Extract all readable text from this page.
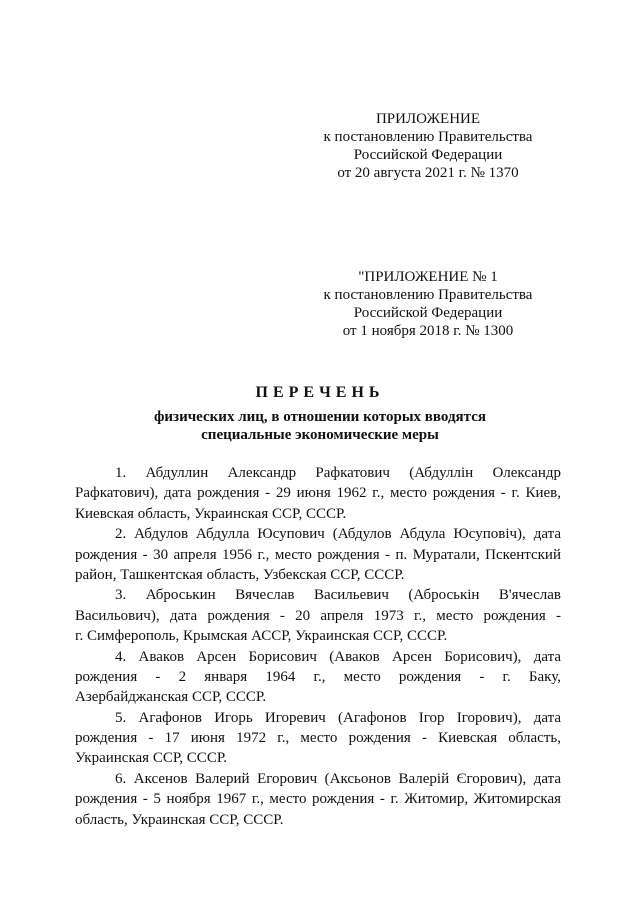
ПРИЛОЖЕНИЕ
к постановлению Правительства
Российской Федерации
от 20 августа 2021 г. № 1370
"ПРИЛОЖЕНИЕ № 1
к постановлению Правительства
Российской Федерации
от 1 ноября 2018 г. № 1300
ПЕРЕЧЕНЬ
физических лиц, в отношении которых вводятся
специальные экономические меры
1. Абдуллин Александр Рафкатович (Абдуллін Олександр
Рафкатович), дата рождения - 29 июня 1962 г., место рождения - г. Киев,
Киевская область, Украинская ССР, СССР.
2. Абдулов Абдулла Юсупович (Абдулов Абдула Юсуповiч), дата
рождения - 30 апреля 1956 г., место рождения - п. Муратали, Пскентский
район, Ташкентская область, Узбекская ССР, СССР.
3. Аброськин Вячеслав Васильевич (Аброськін В'ячеслав
Васильович), дата рождения - 20 апреля 1973 г., место рождения -
г. Симферополь, Крымская АССР, Украинская ССР, СССР.
4. Аваков Арсен Борисович (Аваков Арсен Борисович), дата
рождения - 2 января 1964 г., место рождения - г. Баку,
Азербайджанская ССР, СССР.
5. Агафонов Игорь Игоревич (Агафонов Iгор Iгорович), дата
рождения - 17 июня 1972 г., место рождения - Киевская область,
Украинская ССР, СССР.
6. Аксенов Валерий Егорович (Аксьонов Валерiй Єгорович), дата
рождения - 5 ноября 1967 г., место рождения - г. Житомир, Житомирская
область, Украинская ССР, СССР.
